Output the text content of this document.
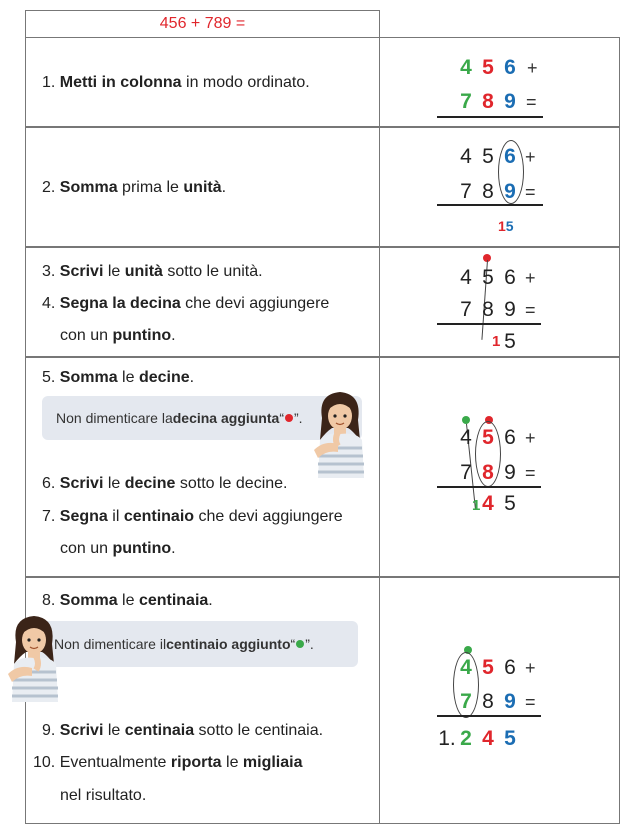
456 + 789 =
1. Metti in colonna in modo ordinato.
2. Somma prima le unità.
3. Scrivi le unità sotto le unità.
4. Segna la decina che devi aggiungere
con un puntino.
5. Somma le decine.
Non dimenticare la decina aggiunta “ ”.
6. Scrivi le decine sotto le decine.
7. Segna il centinaio che devi aggiungere
con un puntino.
8. Somma le centinaia.
Non dimenticare il centinaio aggiunto “ ”.
9. Scrivi le centinaia sotto le centinaia.
10. Eventualmente riporta le migliaia
nel risultato.
4 5 6 +
7 8 9 =
4 5 6 +
7 8 9 =
15
4 5 6 +
7 8 9 =
1 5
4 5 6 +
7 8 9 =
1 4 5
4 5 6 +
7 8 9 =
1. 2 4 5
